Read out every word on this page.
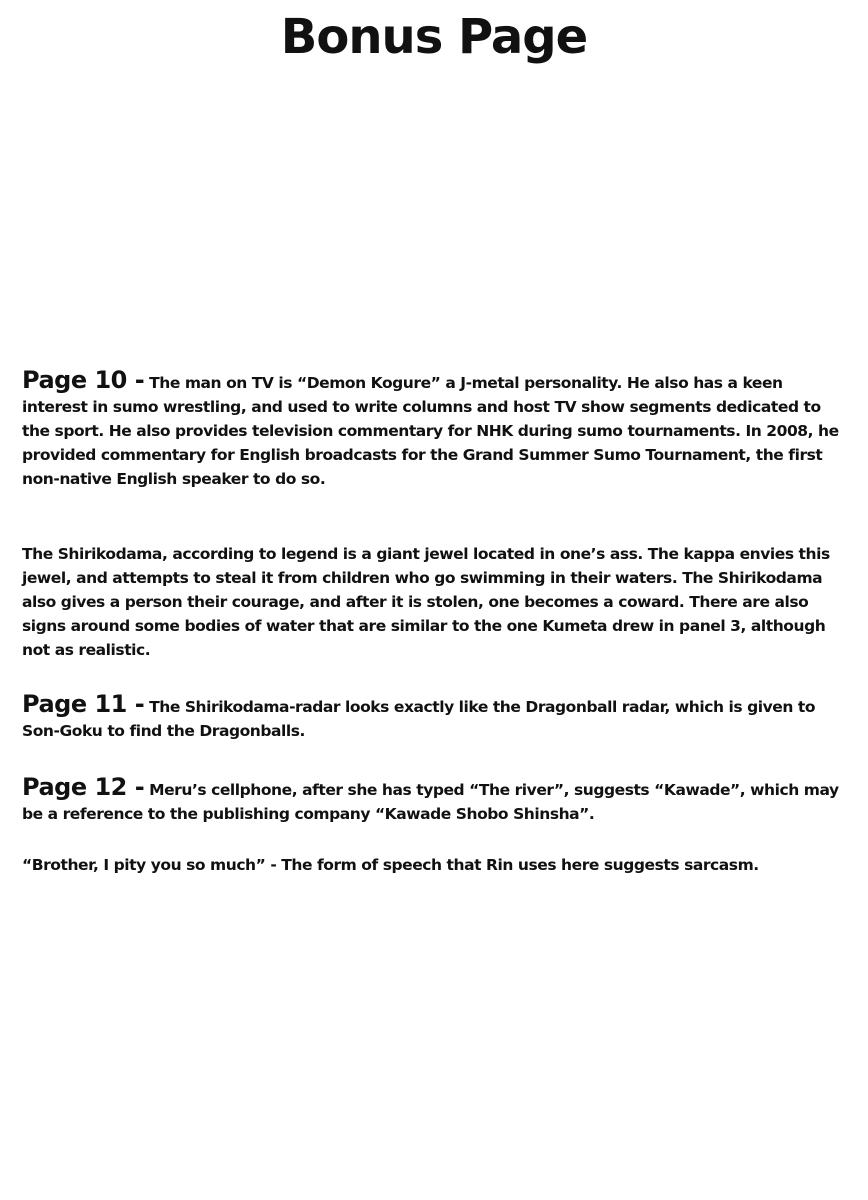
Bonus Page

Page 10 - The man on TV is “Demon Kogure” a J-metal personality. He also has a keen interest in sumo wrestling, and used to write columns and host TV show segments dedicated to the sport. He also provides television commentary for NHK during sumo tournaments. In 2008, he provided commentary for English broadcasts for the Grand Summer Sumo Tournament, the first non-native English speaker to do so.

The Shirikodama, according to legend is a giant jewel located in one’s ass. The kappa envies this jewel, and attempts to steal it from children who go swimming in their waters. The Shirikodama also gives a person their courage, and after it is stolen, one becomes a coward. There are also signs around some bodies of water that are similar to the one Kumeta drew in panel 3, although not as realistic.

Page 11 - The Shirikodama-radar looks exactly like the Dragonball radar, which is given to Son-Goku to find the Dragonballs.

Page 12 - Meru’s cellphone, after she has typed “The river”, suggests “Kawade”, which may be a reference to the publishing company “Kawade Shobo Shinsha”.

“Brother, I pity you so much” - The form of speech that Rin uses here suggests sarcasm.
